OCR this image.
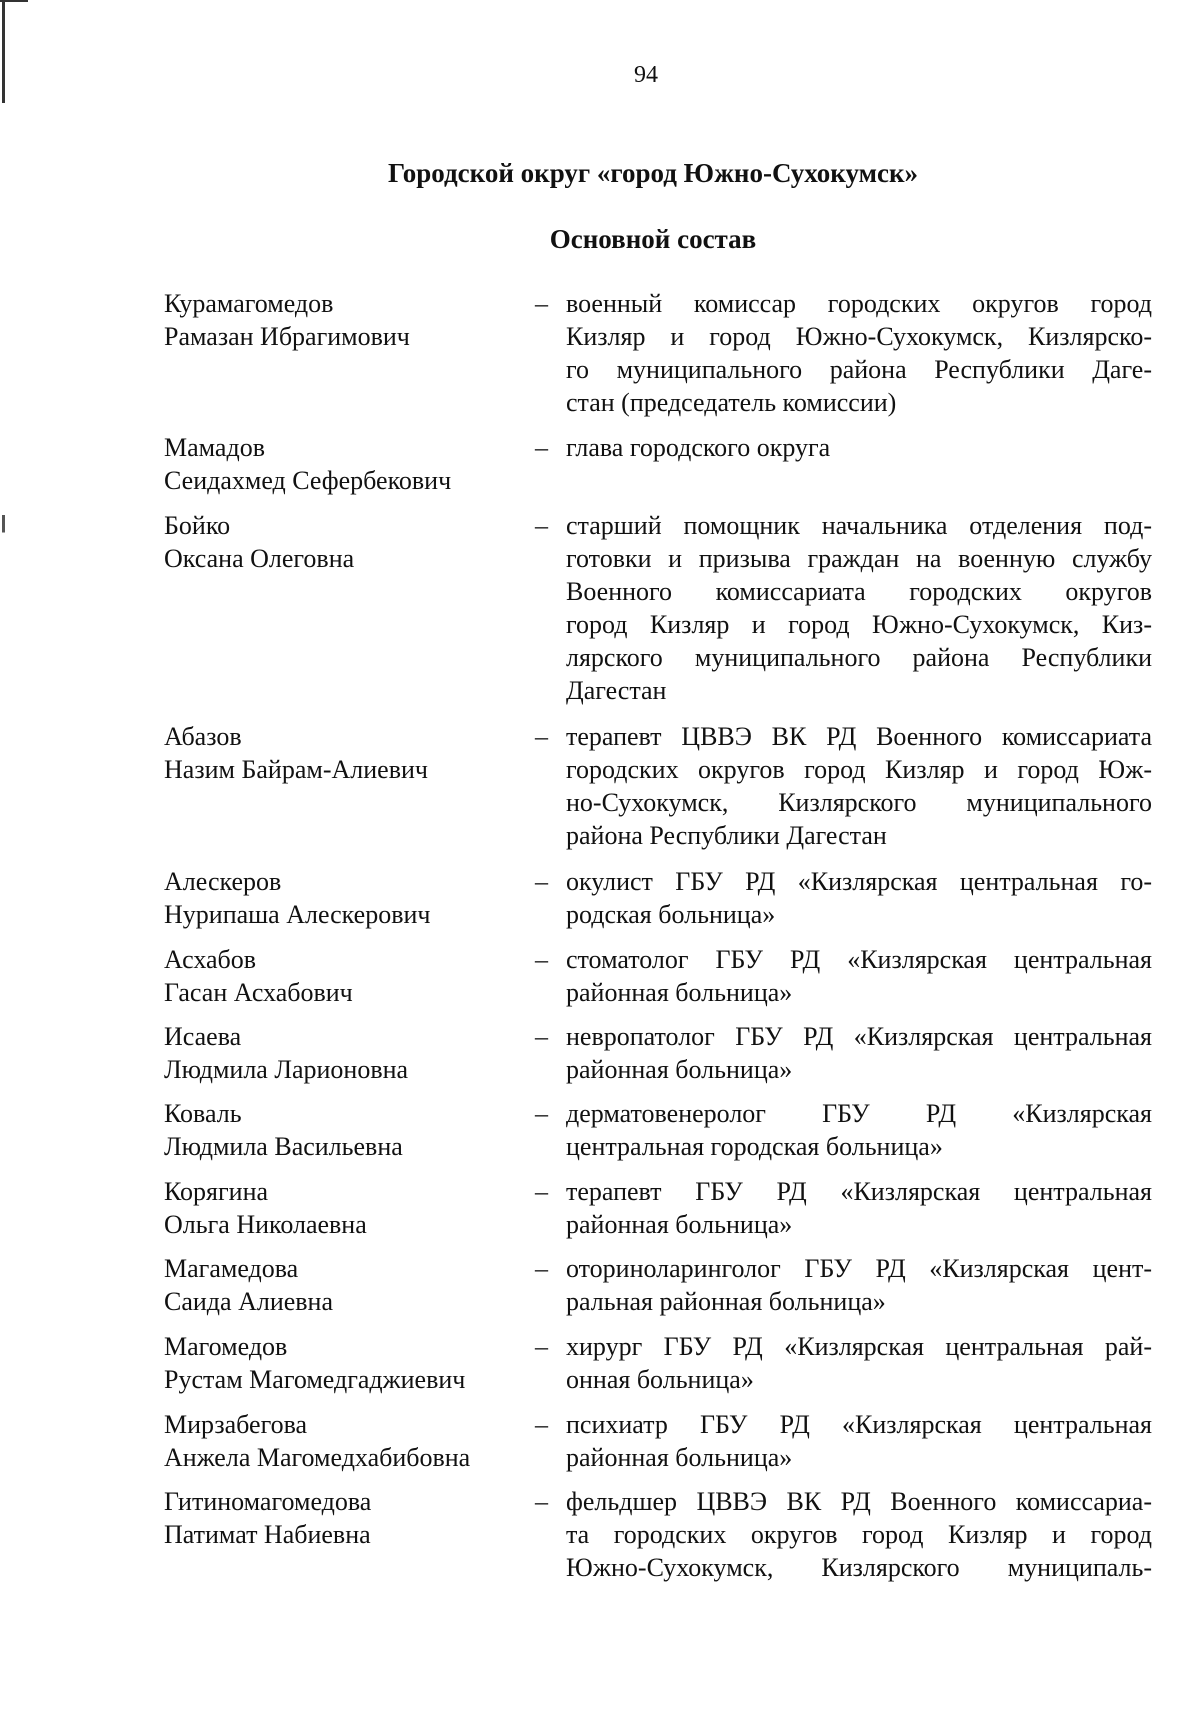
94
Городской округ «город Южно-Сухокумск»
Основной состав
Курамагомедов
Рамазан Ибрагимович
– военный комиссар городских округов город
Кизляр и город Южно-Сухокумск, Кизлярско-
го муниципального района Республики Даге-
стан (председатель комиссии)
Мамадов
Сеидахмед Сефербекович
– глава городского округа
Бойко
Оксана Олеговна
– старший помощник начальника отделения под-
готовки и призыва граждан на военную службу
Военного комиссариата городских округов
город Кизляр и город Южно-Сухокумск, Киз-
лярского муниципального района Республики
Дагестан
Абазов
Назим Байрам-Алиевич
– терапевт ЦВВЭ ВК РД Военного комиссариата
городских округов город Кизляр и город Юж-
но-Сухокумск, Кизлярского муниципального
района Республики Дагестан
Алескеров
Нурипаша Алескерович
– окулист ГБУ РД «Кизлярская центральная го-
родская больница»
Асхабов
Гасан Асхабович
– стоматолог ГБУ РД «Кизлярская центральная
районная больница»
Исаева
Людмила Ларионовна
– невропатолог ГБУ РД «Кизлярская центральная
районная больница»
Коваль
Людмила Васильевна
– дерматовенеролог ГБУ РД «Кизлярская
центральная городская больница»
Корягина
Ольга Николаевна
– терапевт ГБУ РД «Кизлярская центральная
районная больница»
Магамедова
Саида Алиевна
– оториноларинголог ГБУ РД «Кизлярская цент-
ральная районная больница»
Магомедов
Рустам Магомедгаджиевич
– хирург ГБУ РД «Кизлярская центральная рай-
онная больница»
Мирзабегова
Анжела Магомедхабибовна
– психиатр ГБУ РД «Кизлярская центральная
районная больница»
Гитиномагомедова
Патимат Набиевна
– фельдшер ЦВВЭ ВК РД Военного комиссариа-
та городских округов город Кизляр и город
Южно-Сухокумск, Кизлярского муниципаль-
